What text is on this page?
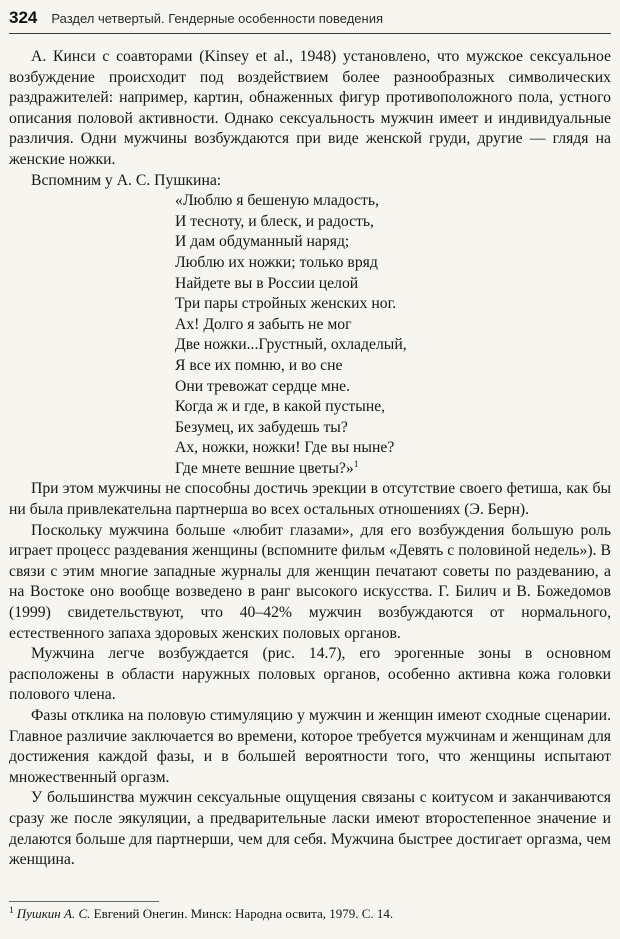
324 Раздел четвертый. Гендерные особенности поведения

А. Кинси с соавторами (Kinsey et al., 1948) установлено, что мужское сексуальное возбуждение происходит под воздействием более разнообразных символических раздражителей: например, картин, обнаженных фигур противоположного пола, устного описания половой активности. Однако сексуальность мужчин имеет и индивидуальные различия. Одни мужчины возбуждаются при виде женской груди, другие — глядя на женские ножки.

Вспомним у А. С. Пушкина:

«Люблю я бешеную младость,
И тесноту, и блеск, и радость,
И дам обдуманный наряд;
Люблю их ножки; только вряд
Найдете вы в России целой
Три пары стройных женских ног.
Ах! Долго я забыть не мог
Две ножки...Грустный, охладелый,
Я все их помню, и во сне
Они тревожат сердце мне.
Когда ж и где, в какой пустыне,
Безумец, их забудешь ты?
Ах, ножки, ножки! Где вы ныне?
Где мнете вешние цветы?»$^1$

При этом мужчины не способны достичь эрекции в отсутствие своего фетиша, как бы ни была привлекательна партнерша во всех остальных отношениях (Э. Берн).

Поскольку мужчина больше «любит глазами», для его возбуждения большую роль играет процесс раздевания женщины (вспомните фильм «Девять с половиной недель»). В связи с этим многие западные журналы для женщин печатают советы по раздеванию, а на Востоке оно вообще возведено в ранг высокого искусства. Г. Билич и В. Божедомов (1999) свидетельствуют, что 40–42% мужчин возбуждаются от нормального, естественного запаха здоровых женских половых органов.

Мужчина легче возбуждается (рис. 14.7), его эрогенные зоны в основном расположены в области наружных половых органов, особенно активна кожа головки полового члена.

Фазы отклика на половую стимуляцию у мужчин и женщин имеют сходные сценарии. Главное различие заключается во времени, которое требуется мужчинам и женщинам для достижения каждой фазы, и в большей вероятности того, что женщины испытают множественный оргазм.

У большинства мужчин сексуальные ощущения связаны с коитусом и заканчиваются сразу же после эякуляции, а предварительные ласки имеют второстепенное значение и делаются больше для партнерши, чем для себя. Мужчина быстрее достигает оргазма, чем женщина.

$^1$ Пушкин А. С. Евгений Онегин. Минск: Народна освита, 1979. С. 14.
